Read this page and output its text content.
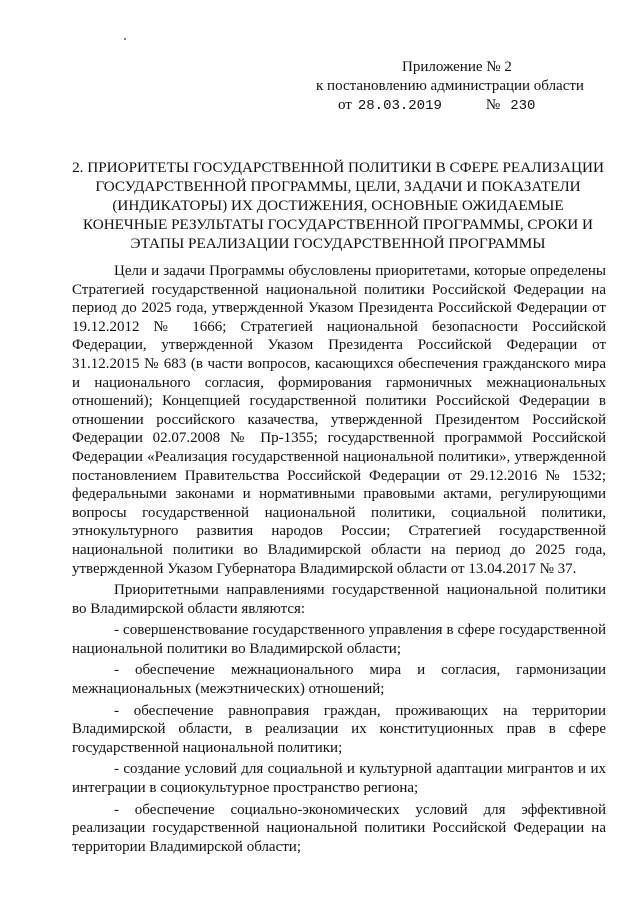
Приложение № 2
к постановлению администрации области
от 28.03.2019	№ 230
2. ПРИОРИТЕТЫ ГОСУДАРСТВЕННОЙ ПОЛИТИКИ В СФЕРЕ РЕАЛИЗАЦИИ ГОСУДАРСТВЕННОЙ ПРОГРАММЫ, ЦЕЛИ, ЗАДАЧИ И ПОКАЗАТЕЛИ (ИНДИКАТОРЫ) ИХ ДОСТИЖЕНИЯ, ОСНОВНЫЕ ОЖИДАЕМЫЕ КОНЕЧНЫЕ РЕЗУЛЬТАТЫ ГОСУДАРСТВЕННОЙ ПРОГРАММЫ, СРОКИ И ЭТАПЫ РЕАЛИЗАЦИИ ГОСУДАРСТВЕННОЙ ПРОГРАММЫ

Цели и задачи Программы обусловлены приоритетами, которые определены Стратегией государственной национальной политики Российской Федерации на период до 2025 года, утвержденной Указом Президента Российской Федерации от 19.12.2012 № 1666; Стратегией национальной безопасности Российской Федерации, утвержденной Указом Президента Российской Федерации от 31.12.2015 № 683 (в части вопросов, касающихся обеспечения гражданского мира и национального согласия, формирования гармоничных межнациональных отношений); Концепцией государственной политики Российской Федерации в отношении российского казачества, утвержденной Президентом Российской Федерации 02.07.2008 № Пр-1355; государственной программой Российской Федерации «Реализация государственной национальной политики», утвержденной постановлением Правительства Российской Федерации от 29.12.2016 № 1532; федеральными законами и нормативными правовыми актами, регулирующими вопросы государственной национальной политики, социальной политики, этнокультурного развития народов России; Стратегией государственной национальной политики во Владимирской области на период до 2025 года, утвержденной Указом Губернатора Владимирской области от 13.04.2017 № 37.

Приоритетными направлениями государственной национальной политики во Владимирской области являются:

- совершенствование государственного управления в сфере государственной национальной политики во Владимирской области;

- обеспечение межнационального мира и согласия, гармонизации межнациональных (межэтнических) отношений;

- обеспечение равноправия граждан, проживающих на территории Владимирской области, в реализации их конституционных прав в сфере государственной национальной политики;

- создание условий для социальной и культурной адаптации мигрантов и их интеграции в социокультурное пространство региона;

- обеспечение социально-экономических условий для эффективной реализации государственной национальной политики Российской Федерации на территории Владимирской области;
